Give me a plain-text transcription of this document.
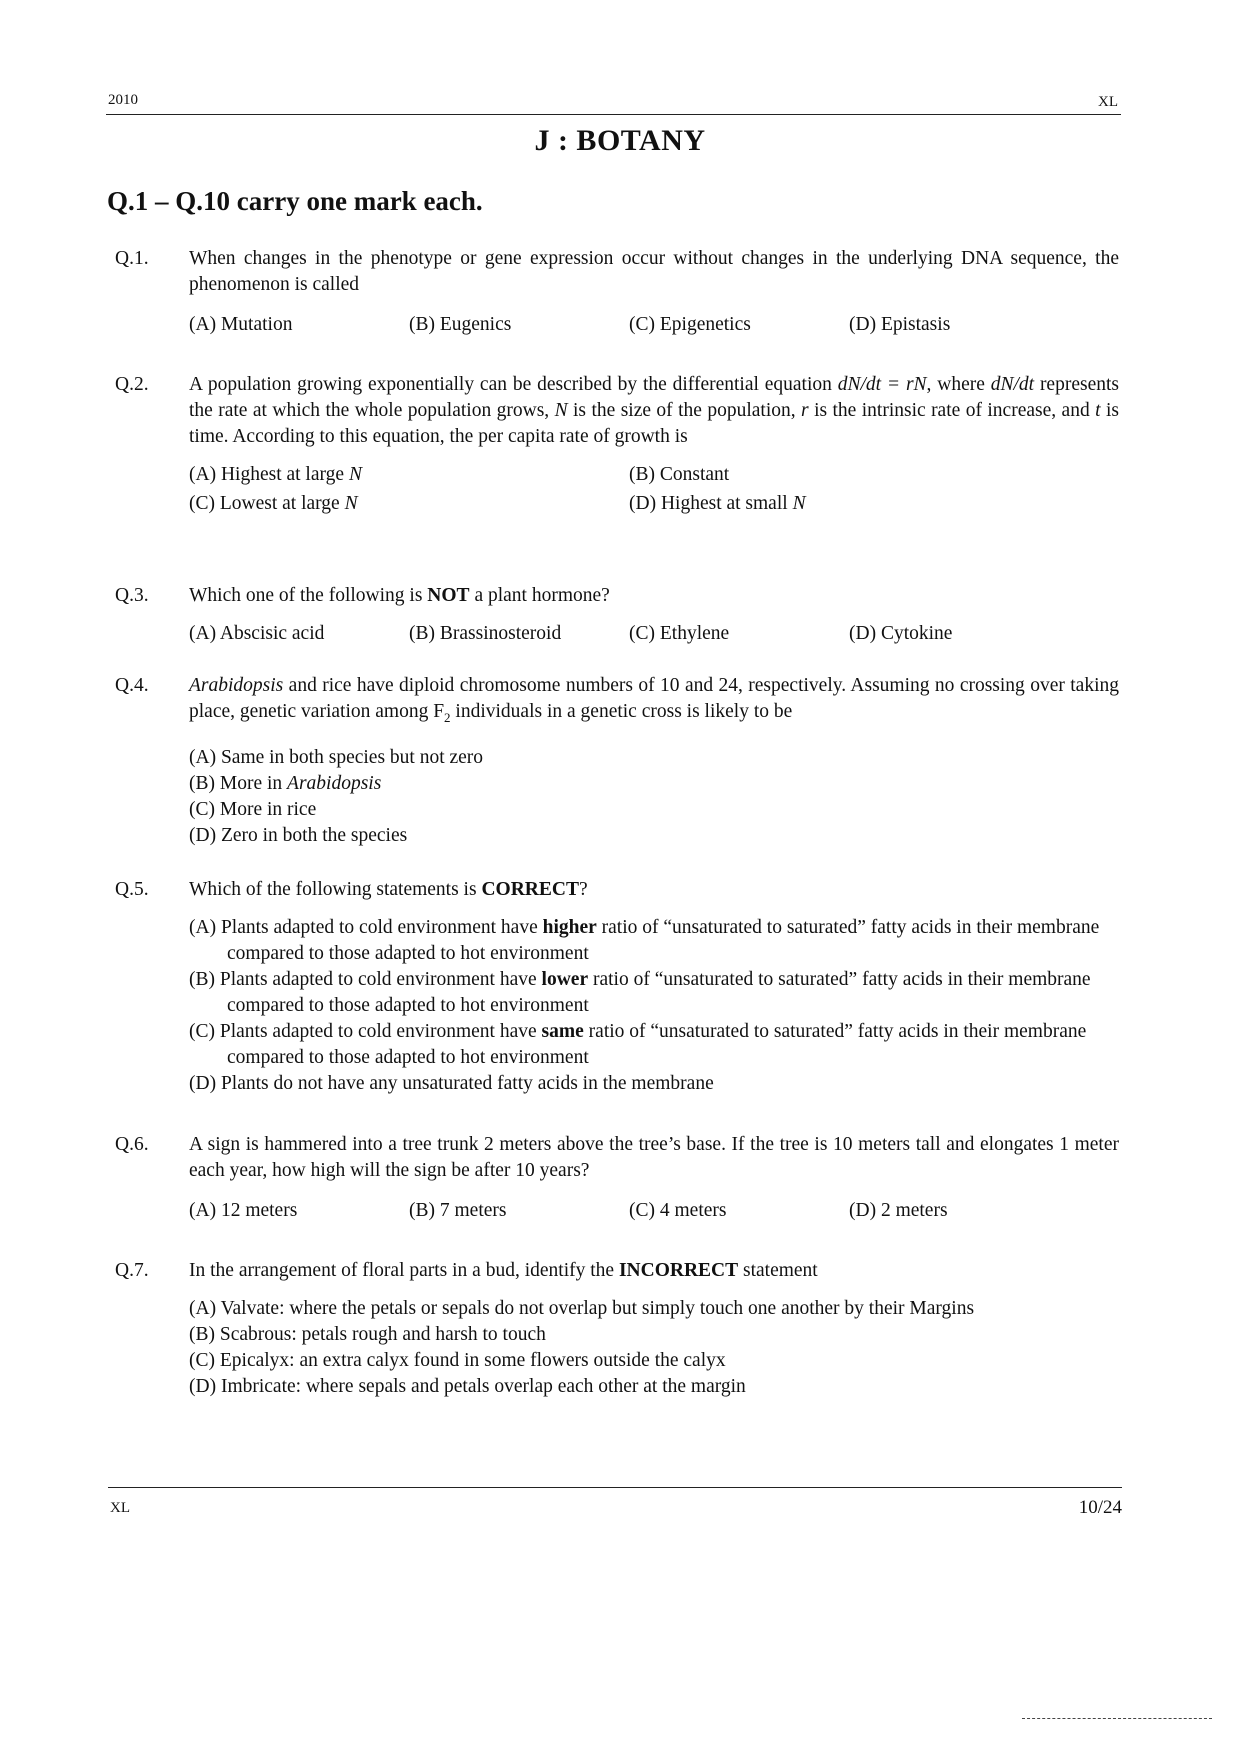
2010	XL
J : BOTANY
Q.1 – Q.10 carry one mark each.
Q.1. When changes in the phenotype or gene expression occur without changes in the underlying DNA sequence, the phenomenon is called
(A) Mutation	(B) Eugenics	(C) Epigenetics	(D) Epistasis
Q.2. A population growing exponentially can be described by the differential equation dN/dt = rN, where dN/dt represents the rate at which the whole population grows, N is the size of the population, r is the intrinsic rate of increase, and t is time. According to this equation, the per capita rate of growth is
(A) Highest at large N	(B) Constant
(C) Lowest at large N	(D) Highest at small N
Q.3. Which one of the following is NOT a plant hormone?
(A) Abscisic acid	(B) Brassinosteroid	(C) Ethylene	(D) Cytokine
Q.4. Arabidopsis and rice have diploid chromosome numbers of 10 and 24, respectively. Assuming no crossing over taking place, genetic variation among $F_2$ individuals in a genetic cross is likely to be
(A) Same in both species but not zero
(B) More in Arabidopsis
(C) More in rice
(D) Zero in both the species
Q.5. Which of the following statements is CORRECT?
(A) Plants adapted to cold environment have higher ratio of “unsaturated to saturated” fatty acids in their membrane compared to those adapted to hot environment
(B) Plants adapted to cold environment have lower ratio of “unsaturated to saturated” fatty acids in their membrane compared to those adapted to hot environment
(C) Plants adapted to cold environment have same ratio of “unsaturated to saturated” fatty acids in their membrane compared to those adapted to hot environment
(D) Plants do not have any unsaturated fatty acids in the membrane
Q.6. A sign is hammered into a tree trunk 2 meters above the tree’s base. If the tree is 10 meters tall and elongates 1 meter each year, how high will the sign be after 10 years?
(A) 12 meters	(B) 7 meters	(C) 4 meters	(D) 2 meters
Q.7. In the arrangement of floral parts in a bud, identify the INCORRECT statement
(A) Valvate: where the petals or sepals do not overlap but simply touch one another by their Margins
(B) Scabrous: petals rough and harsh to touch
(C) Epicalyx: an extra calyx found in some flowers outside the calyx
(D) Imbricate: where sepals and petals overlap each other at the margin
XL	10/24
